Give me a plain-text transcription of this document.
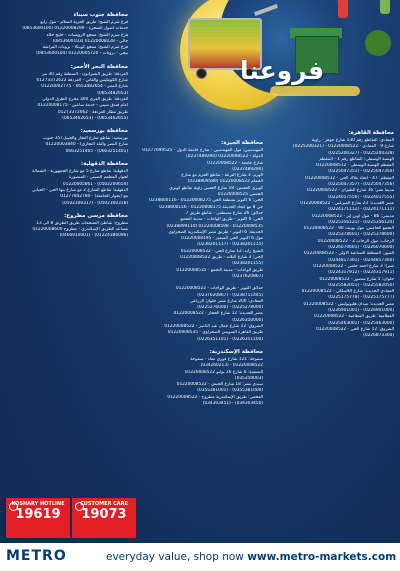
فروعنا
محافظة جنوب سيناء
فرع شرم الشيخ: طريق الحرية السلام - مول رابع
خدمات أصول الشجرة - 01220008299 (0853600100)
فرع شرم الشيخ: منتجع الرويسات - خليج خلاء
جالي - 01220008228 (0853600103)
فرع شرم الشيخ: منتجع كوبيكا - بروتات الفراشة
بيجي - بروتات - 01220005720 (0853600104)
محافظة البحر الأحمر:
الغردقة: طريق الشيراتون - المنطقة رقم 30 بنر
شارع الكومليس والغاتي - الغردقة 01273372622
شارع النصر - 0653482654 - 01220002775
(0653482653)
الغردقة: طريق القرى 300 مخرج الطرق الدولي
أمام فندق سيتي - خدمة ساعين - 01220008175
طريق مطار الغردقة - 01273372662
(0653462655) - (0653462653)
محافظة بورسعيد:
بورسعيد: تقاطع شارع النجار والجبيل (35 جنوب
شارع النصر والبلد التجاري) - 01220003840
(0663251401) - 0663251465
محافظة الدقهلية:
الدقهلية: تقاطع شارع 5 مع شارع الجمهورية - الشمالة
لجوار المطعم الصيني - المنصورة
(0502200654) - 01220005861
الدقهلية: تقاطع الشارع 2 مع شارع بنها الحي - الحياني
مع (بجوار الجامعة) - 01277842784
(0502300318) - (0502300317)
محافظة مرسى مطروح:
مطروح: شاطئ المنتجعات طريق الطريق 8 الى 13
مساعد الطريق الإسكندري - مطروح 01220008600
(01224386096) - (0466910001)
محافظة الجيزة:
المهندسين: مول المهندسين - شارع جامعة الدول - 01277099525
الدولة - 01220008522 (0237489290)
شارع جامعة - 01220008522
(0237489290)
الهرم: 3 شارع الترعة - تقاطع الحرم مع شارع
الحمام 01220008522 (0238809589)
كوبري الحسين: 18 شارع الحسن زاوية تقاطع كوبري
الحسين 01220008525
الحي: 6 أكتوبر بمنطقة الحي 01220008275 - 0238800116
حي 8 مع اتحاد الحديقة 01220008175 - 0238800116
حدائق: 26 شارع مصطفى - تقاطع طريق 7
الحي: 6 أكتوبر - طريق الواحات - مدينة التجمع
01220008535 - 01220008598 (0238899110)
الحديقة: 6 أكتوبر - طريق مصر الإسكندرية الصحراوي
مول 6 أكتوبر الحي المتميز - 01220008195
(0238201115) - (0238201117)
الشيخ زايد: 12 شارع الحي - 01220008522
الحي: 3 شارع التلاته - طريق 01220008522
(0238201155)
طريق الواحات - مدينة التجمع - 01220008535
(0237620867)
حدائق أكتوبر - طريق الواحات - 01220008522
(0238711445) - (0237620867)
المعادي: 200 شارع مصر حلوان الزراعي
(0225278000) - (0225276000)
مصر الجديدة: 12 شارع الحجاز - 01220008522
(0226350000)
الشروق: 12 شارع جمال عبد الناصر - 01220008522
طريق القاهرة السويس الصحراوي - 01220008535
(0226351100) - (0226351101)
محافظة الإسكندرية:
سموحة: 121 شارع فوزي معاذ - سموحة
01220008522 - (034260213)
المنشية: 6 شارع 26 يوليو 01220008522
(035350003)
سيدي بشر: 18 شارع الجيش - 01220008522
(0355381000) - (0355381001)
العجمي: طريق الإسكندرية مطروح - 01220008522
(034303450) - (034303451)
محافظة القاهرة:
المعادي: التقاطع رقم 130 شارع جوهر - زاوية
شارع 9 - المعادي - 01220008522 - (0225200321)
(0225200328) - (0225200327)
الهضبة الوسطى: التقاطع رقم 1 - المقطم
المقطم الهضبة الوسطى - 01220008512
(0225047350) - (0225047351)
المقطم: 47 - اتحاد ملاك الحي - 01220008512
(0225047356) - (0225047357)
مدينة نصر: 16 شارع الطيران - 01220008522
(0224017555) - (0224017556)
مصر الجديدة: 23 شارع الميرغني - 01220008522
(0224171111) - (0224171112)
مدينتي: B6 - مول أوبن إير - 01220008522
(0225356120) - (0225356121)
التجمع الخامس: مول بوينت 90 - 01220008522
(0225378600) - (0225378601)
الرحاب: مول الرحاب 2 - 01220008522
(0226070600) - (0226070601)
العبور: المنطقة الصناعية الأولى - 01220008522
(0244817300) - (0244817301)
شبرا: 3 شارع أحمد حلمي - 01220008522
(0224317911) - (0224317912)
حلوان: 5 شارع منصور - 01220008522
(0225582050) - (0225582051)
المعادي الجديدة: شارع اللاسلكي - 01220008522
(0225175777) - (0225175778)
مصر الجديدة: ميدان هليوبوليس - 01220008522
(0226901000) - (0226901001)
القطامية: طريق القطامية - 01220008522
(0225463000) - (0225463001)
الشروق: 12 شارع الحي - 01220008522
(0226873300)
KOSHARY HOTLINE
19619
CUSTOMER CARE
19073
METRO	everyday value, shop now www.metro-markets.com
